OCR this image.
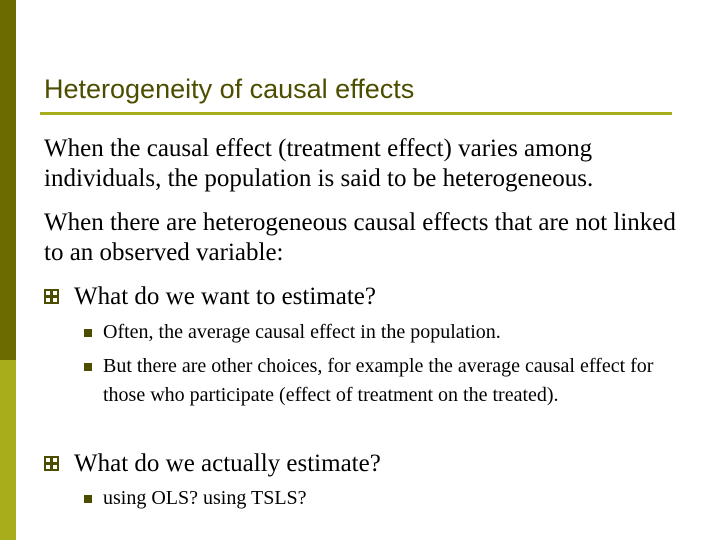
Heterogeneity of causal effects
When the causal effect (treatment effect) varies among individuals, the population is said to be heterogeneous.
When there are heterogeneous causal effects that are not linked to an observed variable:
What do we want to estimate?
Often, the average causal effect in the population.
But there are other choices, for example the average causal effect for those who participate (effect of treatment on the treated).
What do we actually estimate?
using OLS? using TSLS?
